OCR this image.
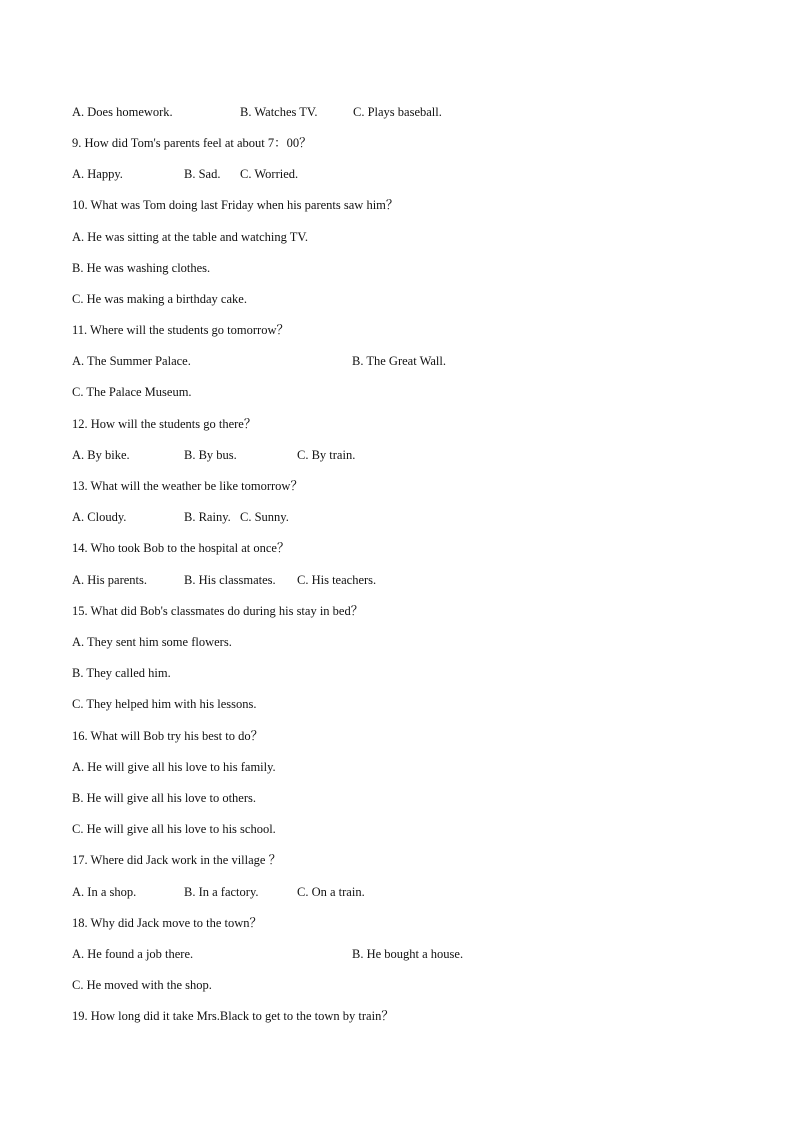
A. Does homework.	B. Watches TV.	C. Plays baseball.
9. How did Tom's parents feel at about 7：00？
A. Happy.	B. Sad. C. Worried.
10. What was Tom doing last Friday when his parents saw him？
A. He was sitting at the table and watching TV.
B. He was washing clothes.
C. He was making a birthday cake.
11. Where will the students go tomorrow？
A. The Summer Palace.	B. The Great Wall.
C. The Palace Museum.
12. How will the students go there？
A. By bike.	B. By bus.	C. By train.
13. What will the weather be like tomorrow？
A. Cloudy.	B. Rainy. C. Sunny.
14. Who took Bob to the hospital at once？
A. His parents.	B. His classmates. C. His teachers.
15. What did Bob's classmates do during his stay in bed？
A. They sent him some flowers.
B. They called him.
C. They helped him with his lessons.
16. What will Bob try his best to do？
A. He will give all his love to his family.
B. He will give all his love to others.
C. He will give all his love to his school.
17. Where did Jack work in the village ？
A. In a shop.	B. In a factory.	C. On a train.
18. Why did Jack move to the town？
A. He found a job there.	B. He bought a house.
C. He moved with the shop.
19. How long did it take Mrs.Black to get to the town by train？
